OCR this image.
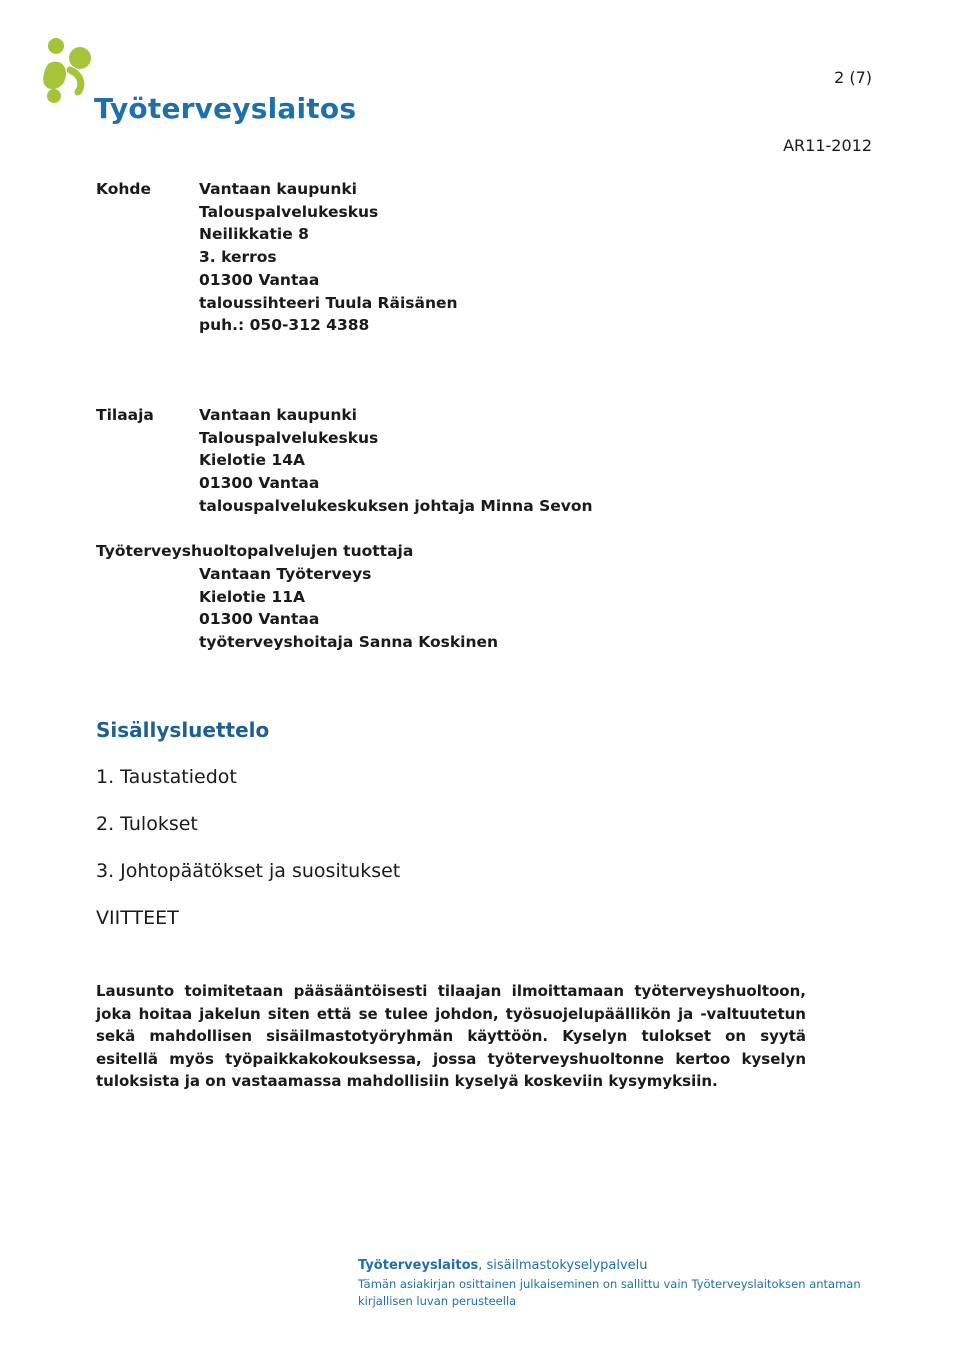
Työterveyslaitos
2 (7)
AR11-2012
Kohde	Vantaan kaupunki
Talouspalvelukeskus
Neilikkatie 8
3. kerros
01300 Vantaa
taloussihteeri Tuula Räisänen
puh.: 050-312 4388
Tilaaja	Vantaan kaupunki
Talouspalvelukeskus
Kielotie 14A
01300 Vantaa
talouspalvelukeskuksen johtaja Minna Sevon
Työterveyshuoltopalvelujen tuottaja
Vantaan Työterveys
Kielotie 11A
01300 Vantaa
työterveyshoitaja Sanna Koskinen
Sisällysluettelo
1. Taustatiedot
2. Tulokset
3. Johtopäätökset ja suositukset
VIITTEET
Lausunto toimitetaan pääsääntöisesti tilaajan ilmoittamaan työterveyshuoltoon, joka hoitaa jakelun siten että se tulee johdon, työsuojelupäällikön ja -valtuutetun sekä mahdollisen sisäilmastotyöryhmän käyttöön. Kyselyn tulokset on syytä esitellä myös työpaikkakokouksessa, jossa työterveyshuoltonne kertoo kyselyn tuloksista ja on vastaamassa mahdollisiin kyselyä koskeviin kysymyksiin.
Työterveyslaitos, sisäilmastokyselypalvelu
Tämän asiakirjan osittainen julkaiseminen on sallittu vain Työterveyslaitoksen antaman kirjallisen luvan perusteella
